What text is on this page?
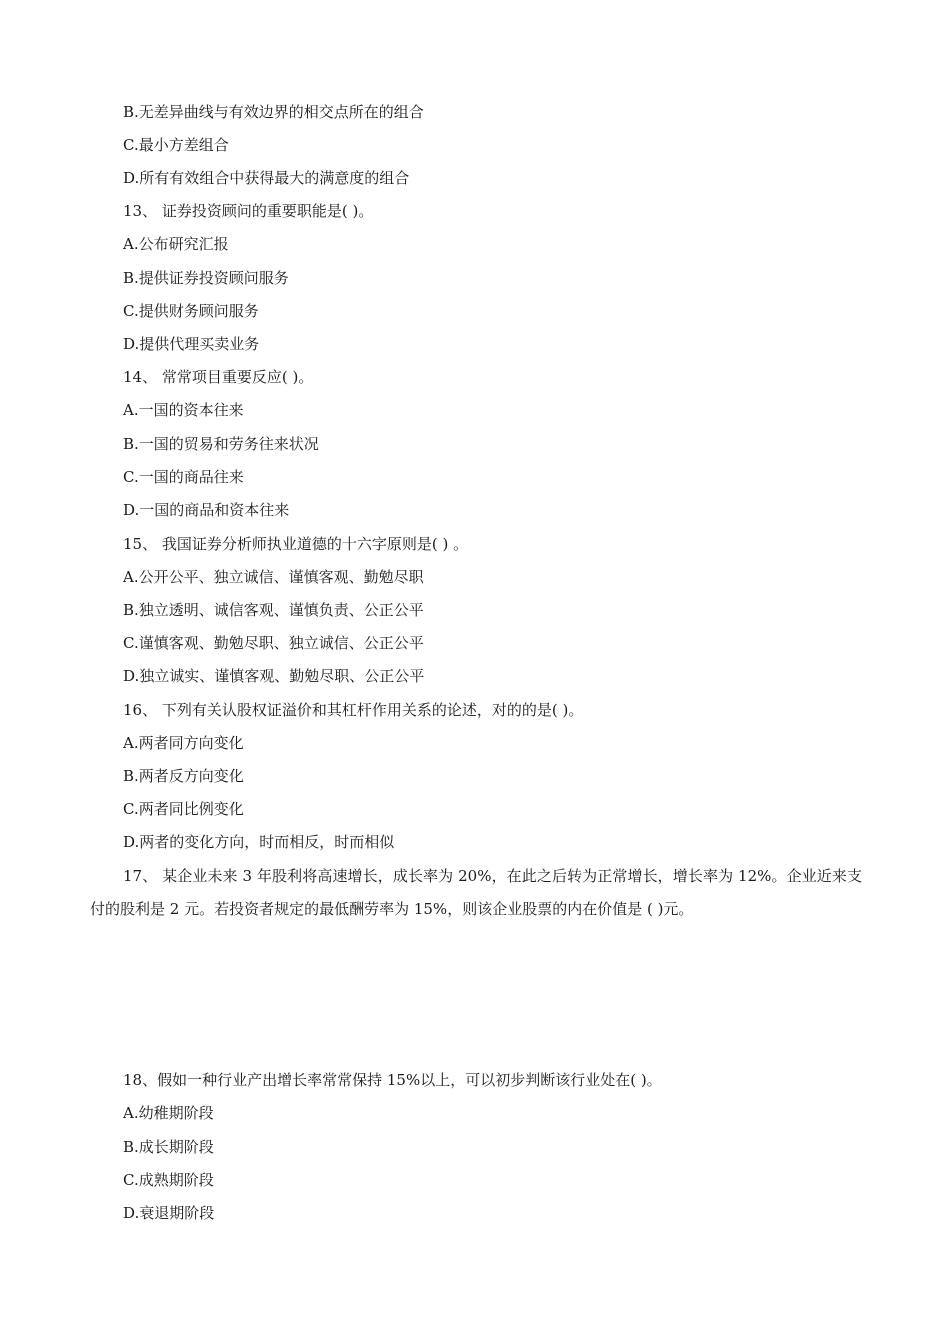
B.无差异曲线与有效边界的相交点所在的组合
C.最小方差组合
D.所有有效组合中获得最大的满意度的组合
13、 证券投资顾问的重要职能是( )。
A.公布研究汇报
B.提供证券投资顾问服务
C.提供财务顾问服务
D.提供代理买卖业务
14、 常常项目重要反应( )。
A.一国的资本往来
B.一国的贸易和劳务往来状况
C.一国的商品往来
D.一国的商品和资本往来
15、 我国证券分析师执业道德的十六字原则是( ) 。
A.公开公平、独立诚信、谨慎客观、勤勉尽职
B.独立透明、诚信客观、谨慎负责、公正公平
C.谨慎客观、勤勉尽职、独立诚信、公正公平
D.独立诚实、谨慎客观、勤勉尽职、公正公平
16、 下列有关认股权证溢价和其杠杆作用关系的论述，对的的是( )。
A.两者同方向变化
B.两者反方向变化
C.两者同比例变化
D.两者的变化方向，时而相反，时而相似
17、 某企业未来 3 年股利将高速增长，成长率为 20%，在此之后转为正常增长，增长率为 12%。企业近来支付的股利是 2 元。若投资者规定的最低酬劳率为 15%，则该企业股票的内在价值是 ( )元。
18、假如一种行业产出增长率常常保持 15%以上，可以初步判断该行业处在( )。
A.幼稚期阶段
B.成长期阶段
C.成熟期阶段
D.衰退期阶段
